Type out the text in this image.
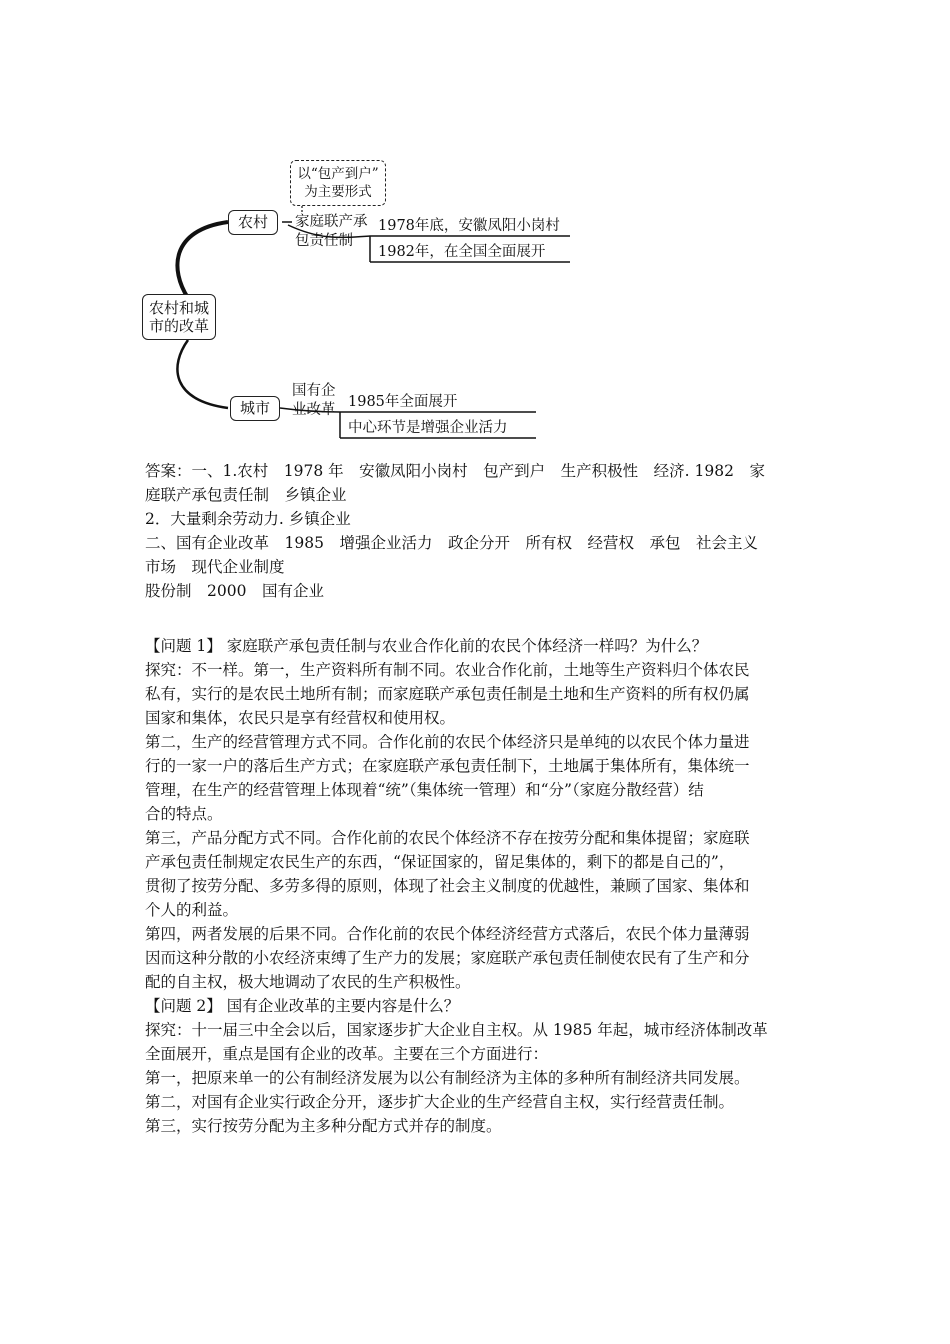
以“包产到户”
为主要形式
农村和城
市的改革
农村	家庭联产承
包责任制
1978年底，安徽凤阳小岗村
1982年，在全国全面展开
城市
国有企
业改革 1985年全面展开
中心环节是增强企业活力

答案：一、1.农村　1978 年　安徽凤阳小岗村　包产到户　生产积极性　经济. 1982　家

庭联产承包责任制　乡镇企业

2．大量剩余劳动力. 乡镇企业

二、国有企业改革　1985　增强企业活力　政企分开　所有权　经营权　承包　社会主义

市场　现代企业制度

股份制　2000　国有企业

【问题 1】 家庭联产承包责任制与农业合作化前的农民个体经济一样吗？为什么？

探究：不一样。第一，生产资料所有制不同。农业合作化前，土地等生产资料归个体农民

私有，实行的是农民土地所有制；而家庭联产承包责任制是土地和生产资料的所有权仍属

国家和集体，农民只是享有经营权和使用权。

第二，生产的经营管理方式不同。合作化前的农民个体经济只是单纯的以农民个体力量进

行的一家一户的落后生产方式；在家庭联产承包责任制下，土地属于集体所有，集体统一

管理，在生产的经营管理上体现着“统”（集体统一管理）和“分”（家庭分散经营）结

合的特点。

第三，产品分配方式不同。合作化前的农民个体经济不存在按劳分配和集体提留；家庭联

产承包责任制规定农民生产的东西，“保证国家的，留足集体的，剩下的都是自己的”，

贯彻了按劳分配、多劳多得的原则，体现了社会主义制度的优越性，兼顾了国家、集体和

个人的利益。

第四，两者发展的后果不同。合作化前的农民个体经济经营方式落后，农民个体力量薄弱

因而这种分散的小农经济束缚了生产力的发展；家庭联产承包责任制使农民有了生产和分

配的自主权，极大地调动了农民的生产积极性。

【问题 2】 国有企业改革的主要内容是什么？

探究：十一届三中全会以后，国家逐步扩大企业自主权。从 1985 年起，城市经济体制改革

全面展开，重点是国有企业的改革。主要在三个方面进行：

第一，把原来单一的公有制经济发展为以公有制经济为主体的多种所有制经济共同发展。

第二，对国有企业实行政企分开，逐步扩大企业的生产经营自主权，实行经营责任制。

第三，实行按劳分配为主多种分配方式并存的制度。
